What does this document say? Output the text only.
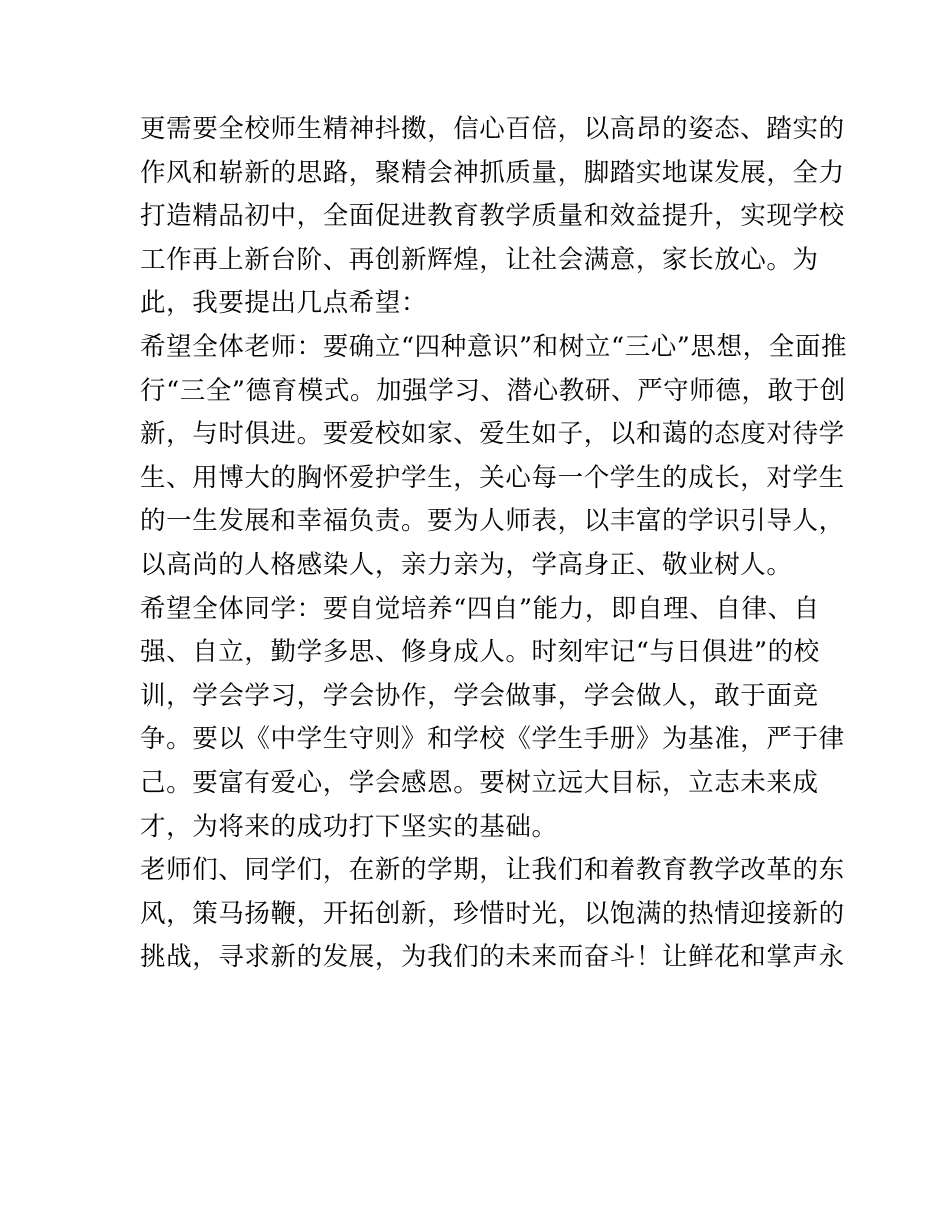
更需要全校师生精神抖擞，信心百倍，以高昂的姿态、踏实的
作风和崭新的思路，聚精会神抓质量，脚踏实地谋发展，全力
打造精品初中，全面促进教育教学质量和效益提升，实现学校
工作再上新台阶、再创新辉煌，让社会满意，家长放心。为
此，我要提出几点希望：
希望全体老师：要确立“四种意识”和树立“三心”思想，全面推
行“三全”德育模式。加强学习、潜心教研、严守师德，敢于创
新，与时俱进。要爱校如家、爱生如子，以和蔼的态度对待学
生、用博大的胸怀爱护学生，关心每一个学生的成长，对学生
的一生发展和幸福负责。要为人师表，以丰富的学识引导人，
以高尚的人格感染人，亲力亲为，学高身正、敬业树人。
希望全体同学：要自觉培养“四自”能力，即自理、自律、自
强、自立，勤学多思、修身成人。时刻牢记“与日俱进”的校
训，学会学习，学会协作，学会做事，学会做人，敢于面竞
争。要以《中学生守则》和学校《学生手册》为基准，严于律
己。要富有爱心，学会感恩。要树立远大目标，立志未来成
才，为将来的成功打下坚实的基础。
老师们、同学们，在新的学期，让我们和着教育教学改革的东
风，策马扬鞭，开拓创新，珍惜时光，以饱满的热情迎接新的
挑战，寻求新的发展，为我们的未来而奋斗！让鲜花和掌声永
